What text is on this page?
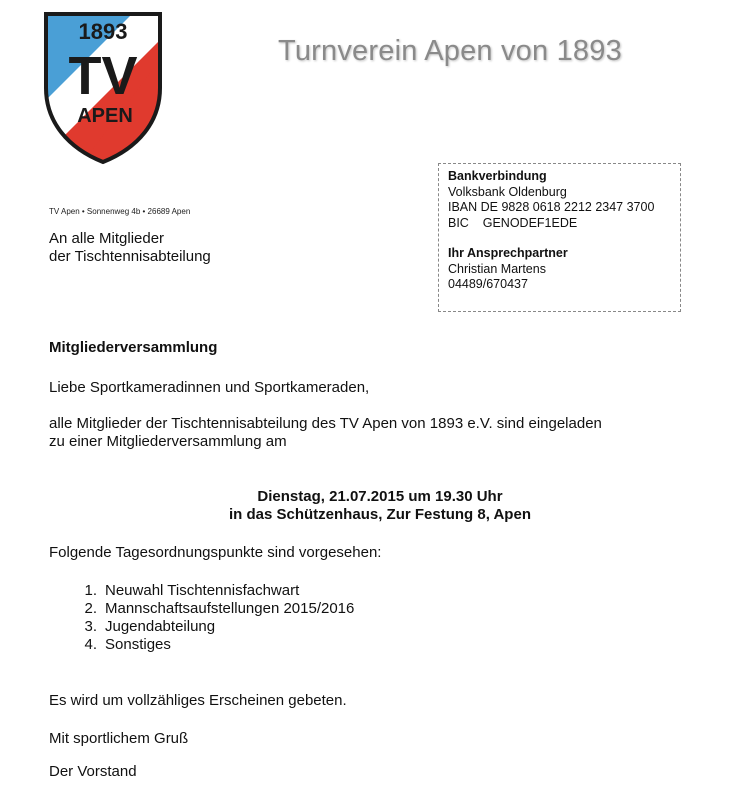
1893
TV
APEN
Turnverein Apen von 1893
TV Apen • Sonnenweg 4b • 26689 Apen
An alle Mitglieder
der Tischtennisabteilung
Bankverbindung
Volksbank Oldenburg
IBAN DE 9828 0618 2212 2347 3700
BIC    GENODEF1EDE
Ihr Ansprechpartner
Christian Martens
04489/670437
Mitgliederversammlung
Liebe Sportkameradinnen und Sportkameraden,
alle Mitglieder der Tischtennisabteilung des TV Apen von 1893 e.V. sind eingeladen
zu einer Mitgliederversammlung am
Dienstag, 21.07.2015 um 19.30 Uhr
in das Schützenhaus, Zur Festung 8, Apen
Folgende Tagesordnungspunkte sind vorgesehen:
1. Neuwahl Tischtennisfachwart
2. Mannschaftsaufstellungen 2015/2016
3. Jugendabteilung
4. Sonstiges
Es wird um vollzähliges Erscheinen gebeten.
Mit sportlichem Gruß
Der Vorstand
